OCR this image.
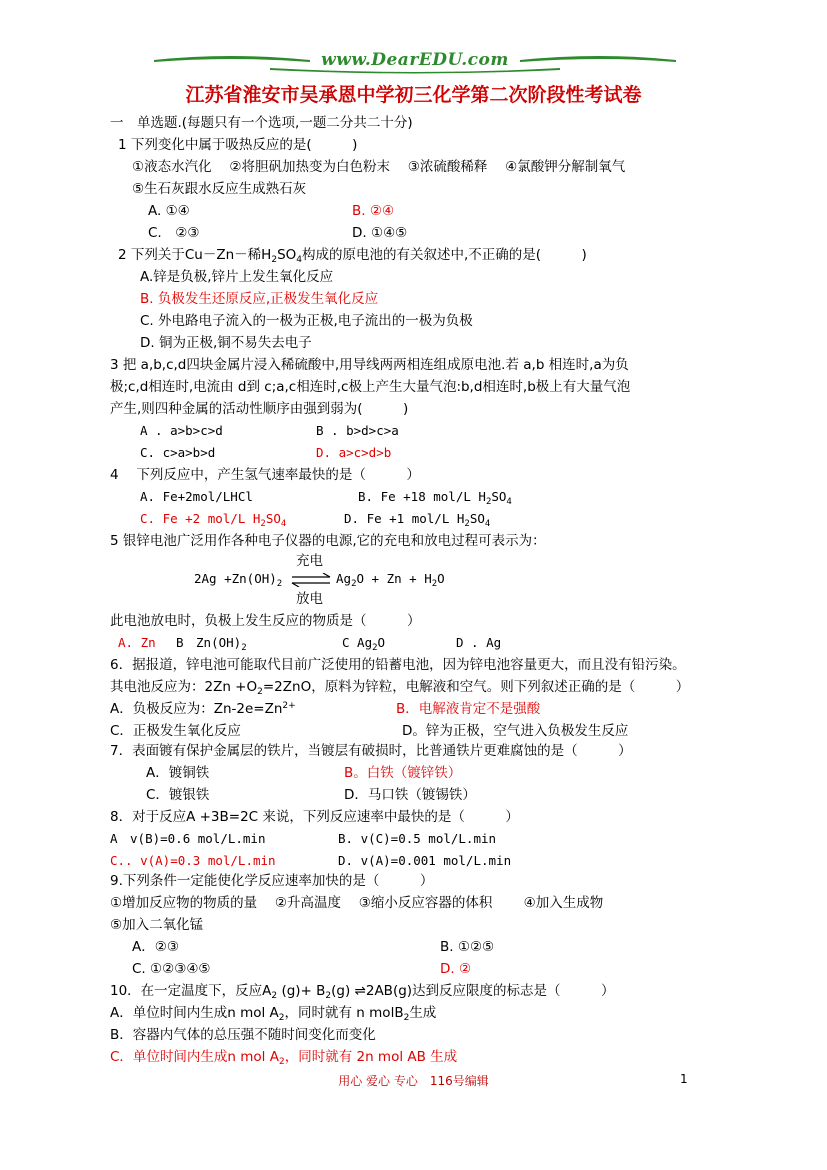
www.DearEDU.com
江苏省淮安市吴承恩中学初三化学第二次阶段性考试卷
一　单选题.(每题只有一个选项,一题二分共二十分)
1 下列变化中属于吸热反应的是(　　　)
①液态水汽化　 ②将胆矾加热变为白色粉末　 ③浓硫酸稀释　 ④氯酸钾分解制氧气
⑤生石灰跟水反应生成熟石灰
A. ①④	B. ②④
C.　②③	D. ①④⑤
2 下列关于Cu－Zn－稀$H_2SO_4$构成的原电池的有关叙述中,不正确的是(　　　)
A.锌是负极,锌片上发生氧化反应
B. 负极发生还原反应,正极发生氧化反应
C. 外电路电子流入的一极为正极,电子流出的一极为负极
D. 铜为正极,铜不易失去电子
3 把 a,b,c,d四块金属片浸入稀硫酸中,用导线两两相连组成原电池.若 a,b 相连时,a为负
极;c,d相连时,电流由 d到 c;a,c相连时,c极上产生大量气泡:b,d相连时,b极上有大量气泡
产生,则四种金属的活动性顺序由强到弱为(　　　)
A . a>b>c>d	B . b>d>c>a
C. c>a>b>d	D. a>c>d>b
4　 下列反应中，产生氢气速率最快的是（　　　）
A. Fe+2mol/LHCl	B. Fe +18 mol/L $H_2SO_4$
C. Fe +2 mol/L $H_2SO_4$	D. Fe +1 mol/L $H_2SO_4$
5 银锌电池广泛用作各种电子仪器的电源,它的充电和放电过程可表示为：
充电
$2Ag +Zn(OH)_2$ ⇌ $Ag_2O + Zn + H_2O$
放电
此电池放电时，负极上发生反应的物质是（　　　）
A. Zn B　$Zn(OH)_2$	C $Ag_2O$	D . Ag
6．据报道，锌电池可能取代目前广泛使用的铅蓄电池，因为锌电池容量更大，而且没有铅污染。
其电池反应为：$2Zn +O_2=2ZnO$，原料为锌粒，电解液和空气。则下列叙述正确的是（　　　）
A．负极反应为：$Zn-2e=Zn^{2+}$	B．电解液肯定不是强酸
C．正极发生氧化反应	D。锌为正极，空气进入负极发生反应
7．表面镀有保护金属层的铁片，当镀层有破损时，比普通铁片更难腐蚀的是（　　　）
A．镀铜铁	B。白铁（镀锌铁）
C．镀银铁	D．马口铁（镀锡铁）
8．对于反应A +3B=2C 来说，下列反应速率中最快的是（　　　）
A　v(B)=0.6 mol/L.min	B. v(C)=0.5 mol/L.min
C.. v(A)=0.3 mol/L.min	D. v(A)=0.001 mol/L.min
9.下列条件一定能使化学反应速率加快的是（　　　）
①增加反应物的物质的量　 ②升高温度　 ③缩小反应容器的体积　　 ④加入生成物
⑤加入二氧化锰
A．②③	B. ①②⑤
C. ①②③④⑤	D. ②
10．在一定温度下，反应$A_2$ $(g)+ B_2(g)$ ⇌2AB(g)达到反应限度的标志是（　　　）
A．单位时间内生成n mol $A_2$，同时就有 n molB$_2$生成
B．容器内气体的总压强不随时间变化而变化
C．单位时间内生成n mol $A_2$，同时就有 2n mol AB 生成
用心 爱心 专心　116号编辑	1
